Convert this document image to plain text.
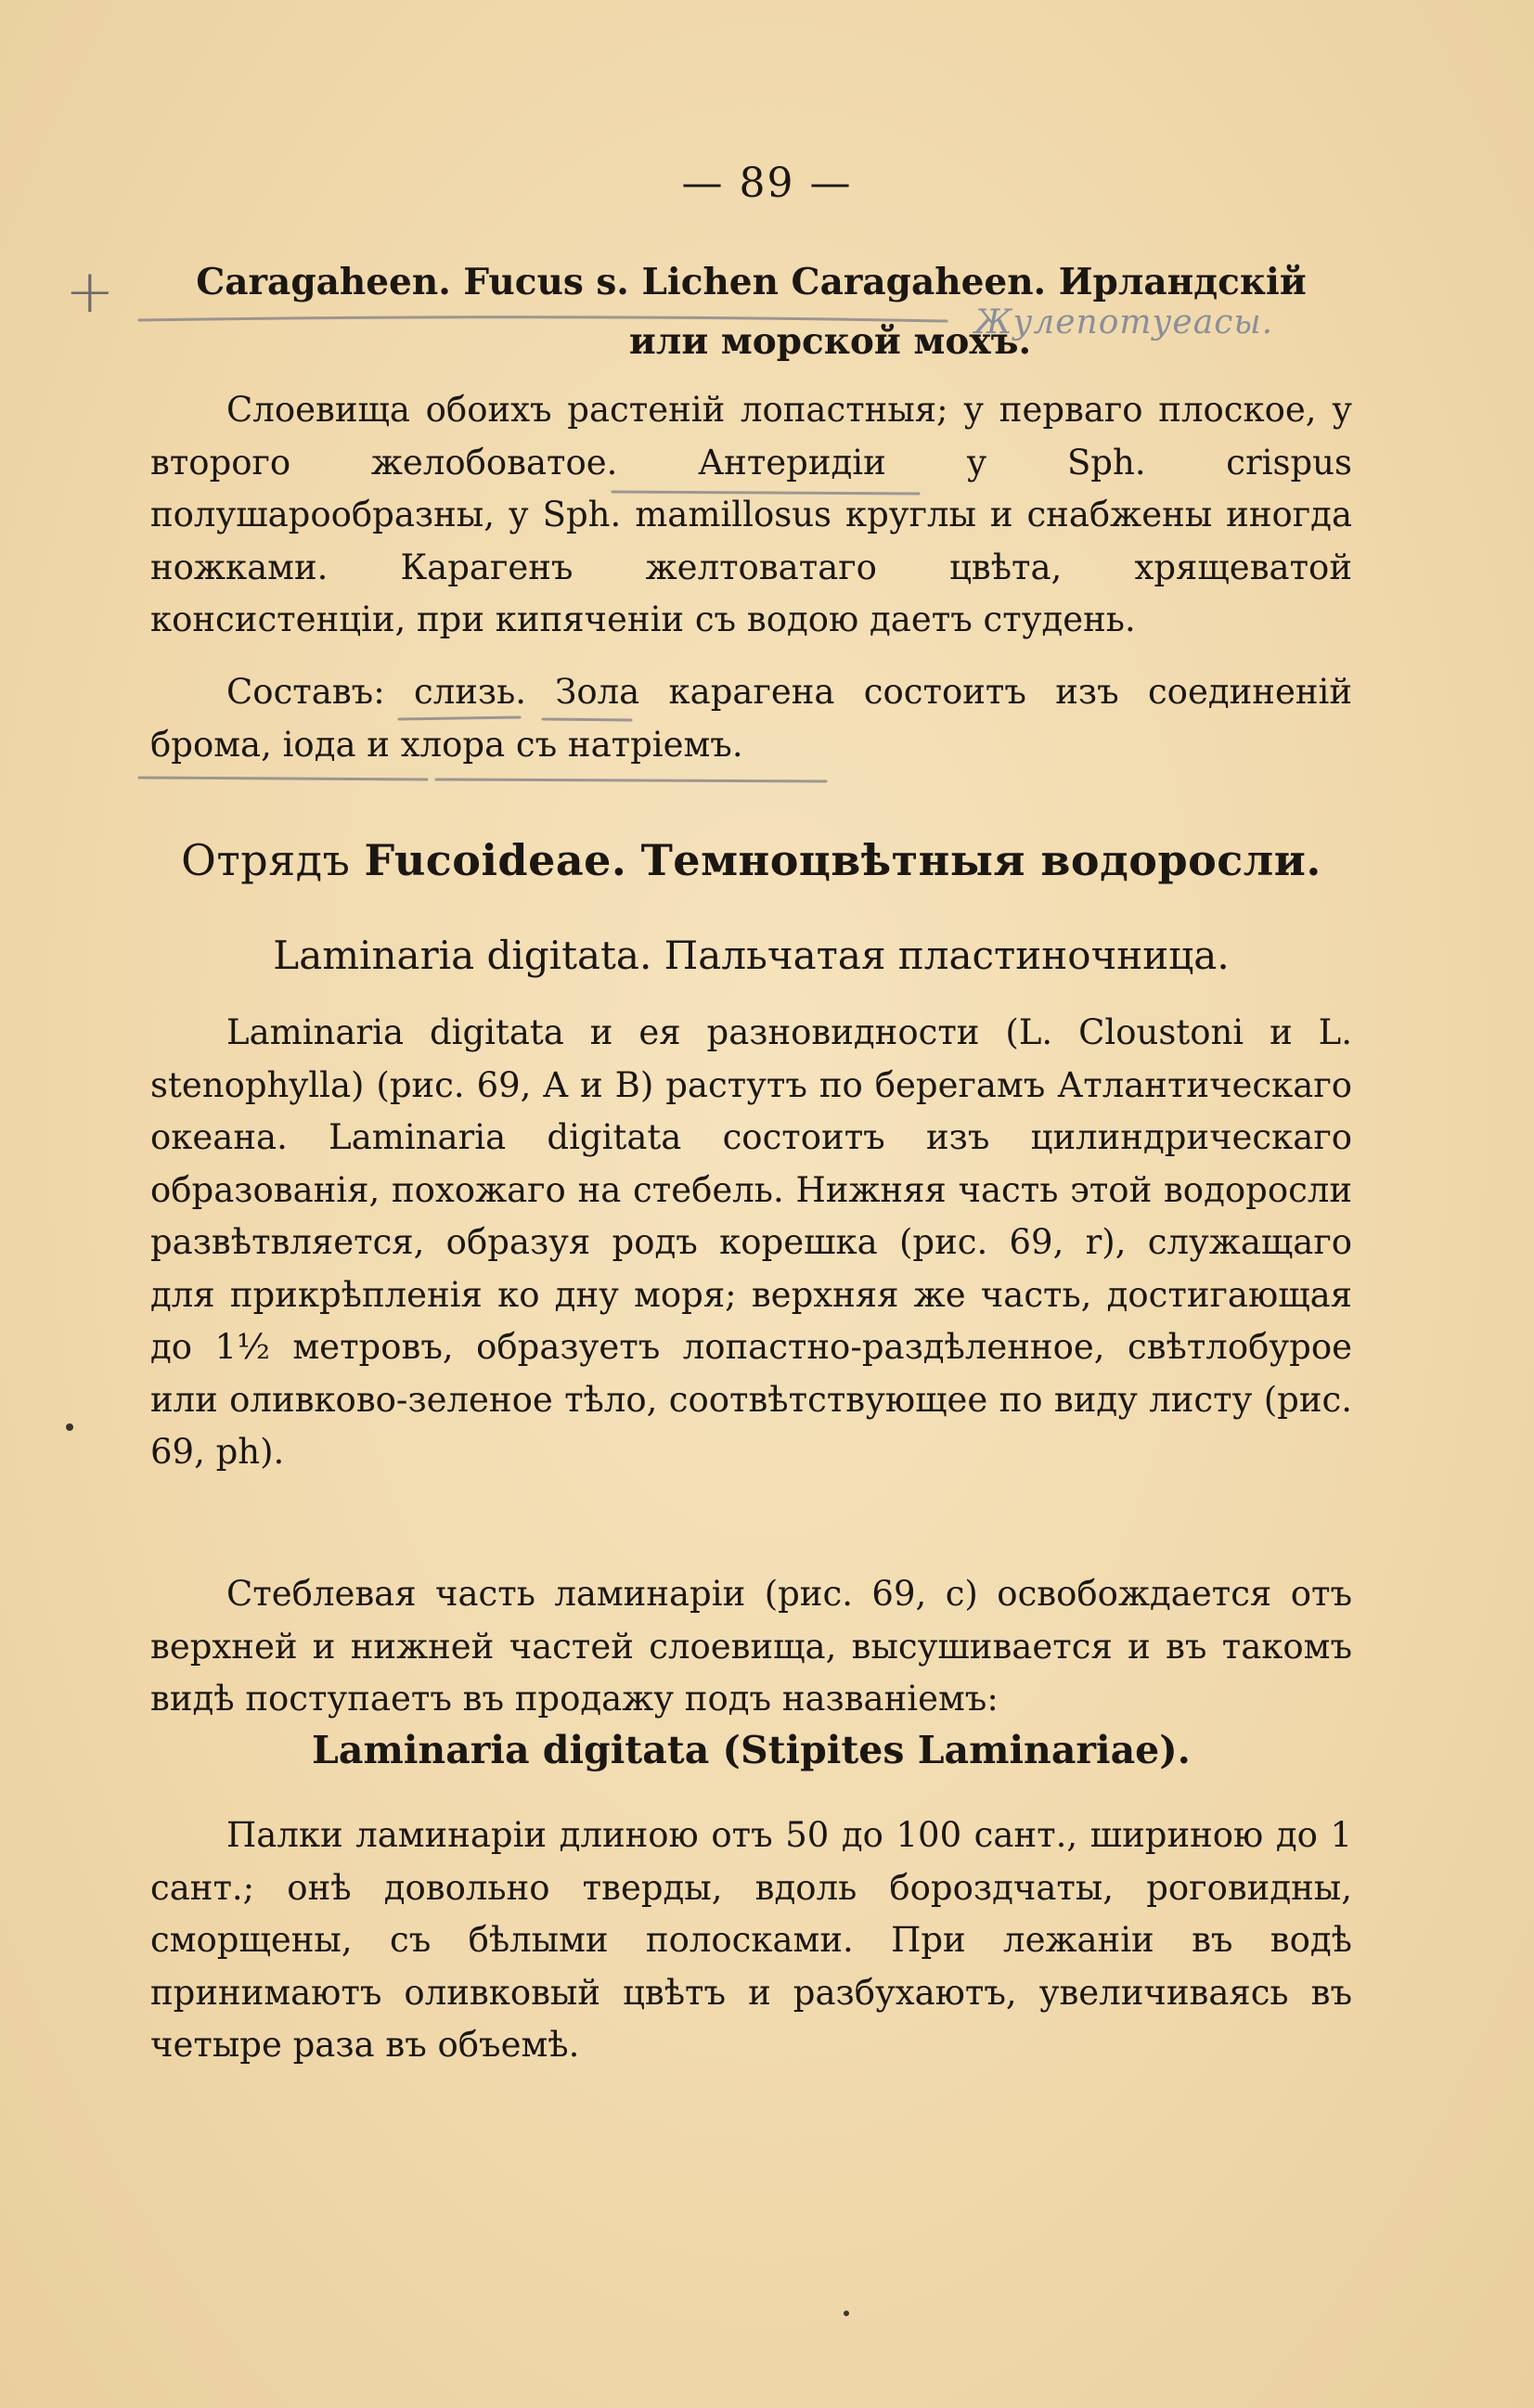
— 89 —
+	Caragaheen. Fucus s. Lichen Caragaheen. Ирландскiй
или морской мохъ.
Жулепотуеасы.
Слоевища обоихъ растенiй лопастныя; у перваго плоское, у второго желобоватое. Антеридiи у Sph. crispus полушарообразны, у Sph. mamillosus круглы и снабжены иногда ножками. Карагенъ желтоватаго цвѣта, хрящеватой консистенцiи, при кипяченiи съ водою даетъ студень.
Составъ: слизь. Зола карагена состоитъ изъ соединенiй брома, iода и хлора съ натрiемъ.
Отрядъ Fucoideae. Темноцвѣтныя водоросли.
Laminaria digitata. Пальчатая пластиночница.
Laminaria digitata и ея разновидности (L. Cloustoni и L. stenophylla) (рис. 69, A и B) растутъ по берегамъ Атлантическаго океана. Laminaria digitata состоитъ изъ цилиндрическаго образованiя, похожаго на стебель. Нижняя часть этой водоросли развѣтвляется, образуя родъ корешка (рис. 69, r), служащаго для прикрѣпленiя ко дну моря; верхняя же часть, достигающая до 1½ метровъ, образуетъ лопастно-раздѣленное, свѣтлобурое или оливково-зеленое тѣло, соотвѣтствующее по виду листу (рис. 69, ph).
Стеблевая часть ламинарiи (рис. 69, c) освобождается отъ верхней и нижней частей слоевища, высушивается и въ такомъ видѣ поступаетъ въ продажу подъ названiемъ:
Laminaria digitata (Stipites Laminariae).
Палки ламинарiи длиною отъ 50 до 100 сант., шириною до 1 сант.; онѣ довольно тверды, вдоль бороздчаты, роговидны, сморщены, съ бѣлыми полосками. При лежанiи въ водѣ принимаютъ оливковый цвѣтъ и разбухаютъ, увеличиваясь въ четыре раза въ объемѣ.
